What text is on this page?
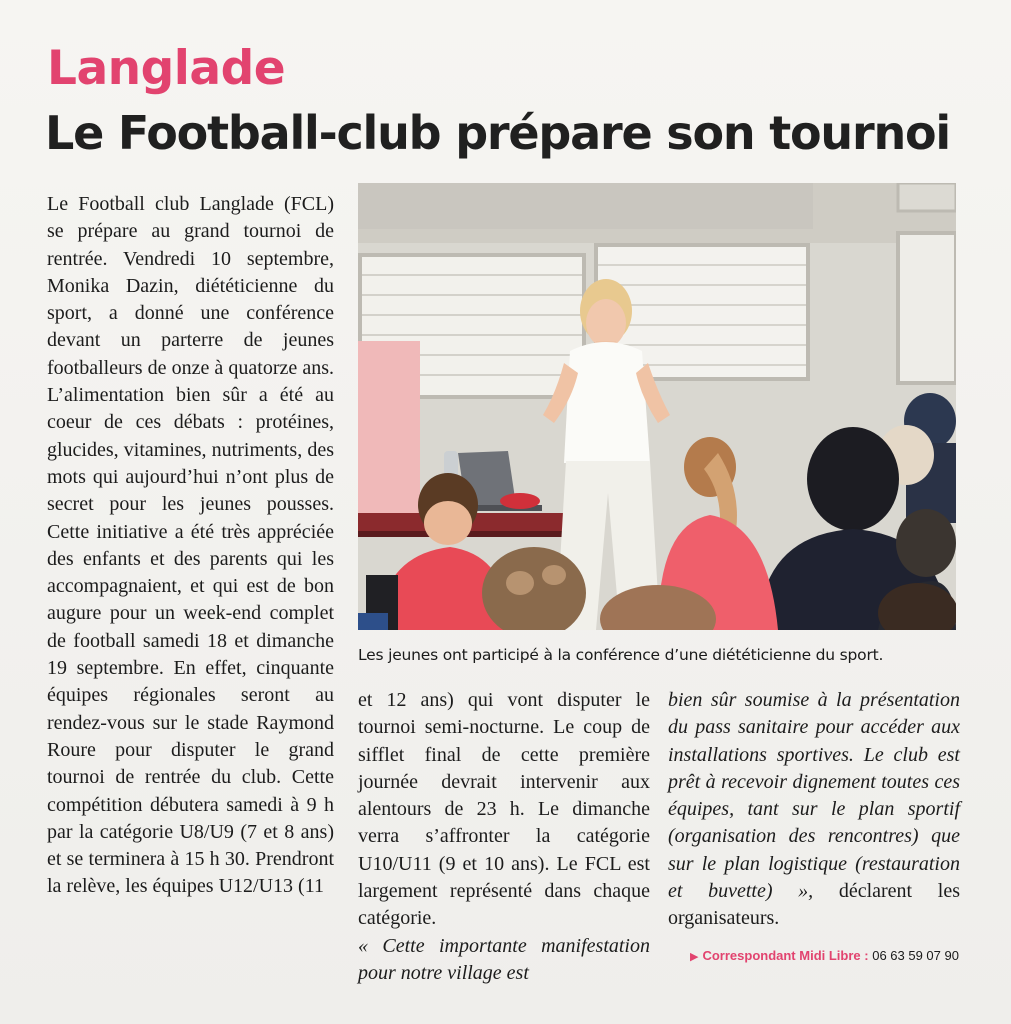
Langlade
Le Football-club prépare son tournoi

Le Football club Langlade (FCL) se prépare au grand tournoi de rentrée. Vendredi 10 septembre, Monika Dazin, diététicienne du sport, a donné une conférence devant un parterre de jeunes footballeurs de onze à quatorze ans. L’alimentation bien sûr a été au coeur de ces débats : protéines, glucides, vitamines, nutriments, des mots qui aujourd’hui n’ont plus de secret pour les jeunes pousses. Cette initiative a été très appréciée des enfants et des parents qui les accompagnaient, et qui est de bon augure pour un week-end complet de football samedi 18 et dimanche 19 septembre. En effet, cinquante équipes régionales seront au rendez-vous sur le stade Raymond Roure pour disputer le grand tournoi de rentrée du club. Cette compétition débutera samedi à 9 h par la catégorie U8/U9 (7 et 8 ans) et se terminera à 15 h 30. Prendront la relève, les équipes U12/U13 (11

Les jeunes ont participé à la conférence d’une diététicienne du sport.

et 12 ans) qui vont disputer le tournoi semi-nocturne. Le coup de sifflet final de cette première journée devrait intervenir aux alentours de 23 h. Le dimanche verra s’affronter la catégorie U10/U11 (9 et 10 ans). Le FCL est largement représenté dans chaque catégorie.

« Cette importante manifestation pour notre village est

bien sûr soumise à la présentation du pass sanitaire pour accéder aux installations sportives. Le club est prêt à recevoir dignement toutes ces équipes, tant sur le plan sportif (organisation des rencontres) que sur le plan logistique (restauration et buvette) », déclarent les organisateurs.

▶ Correspondant Midi Libre : 06 63 59 07 90
